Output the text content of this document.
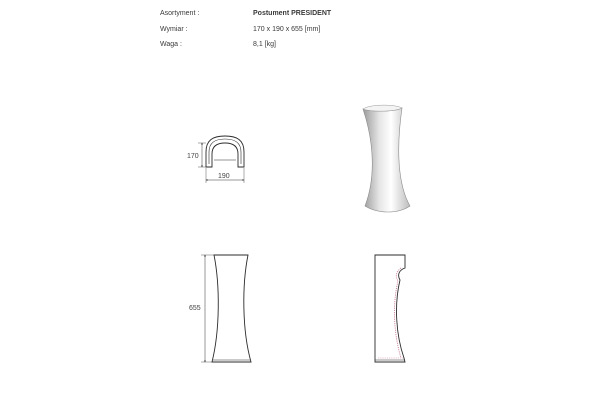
Asortyment :	Postument PRESIDENT
Wymiar :	170 x 190 x 655 [mm]
Waga :	8,1 [kg]
170
190
655
